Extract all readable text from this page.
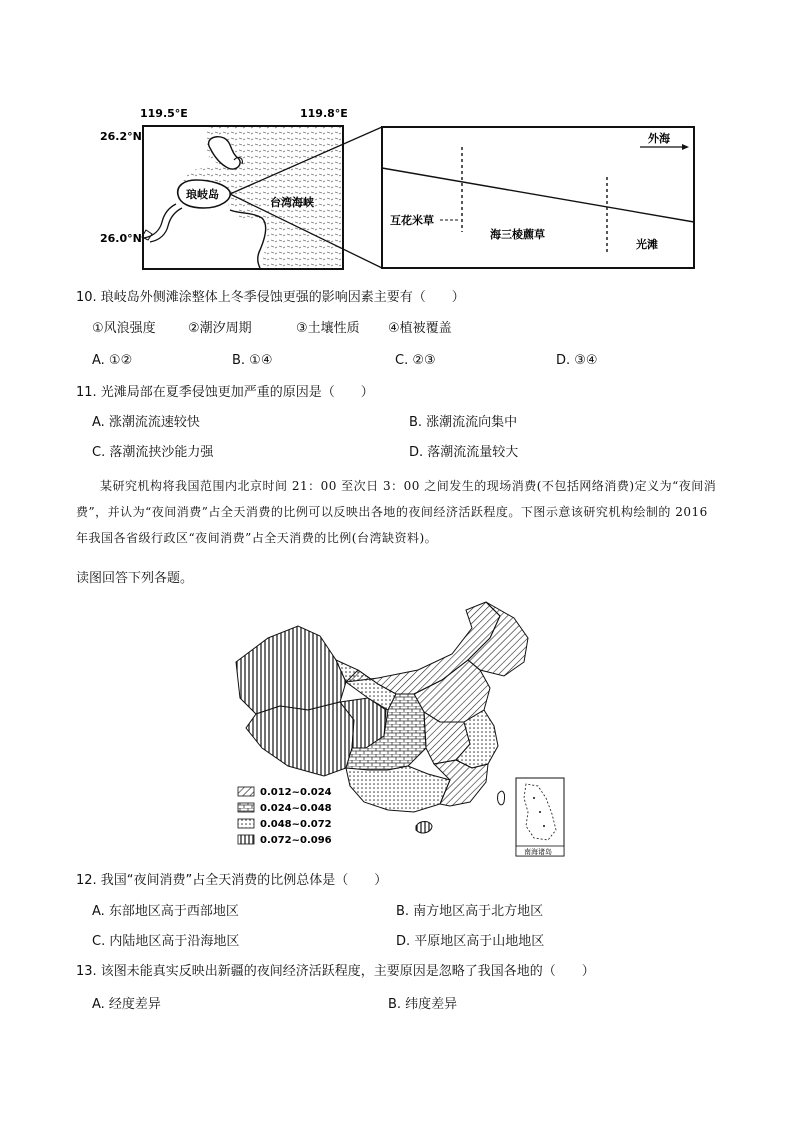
119.5°E	119.8°E
26.2°N
26.0°N
琅岐岛
台湾海峡
外海
互花米草
海三棱藨草
光滩
10. 琅岐岛外侧滩涂整体上冬季侵蚀更强的影响因素主要有（　　）
①风浪强度 ②潮汐周期	③土壤性质 ④植被覆盖
A. ①②	B. ①④	C. ②③	D. ③④
11. 光滩局部在夏季侵蚀更加严重的原因是（　　）
A. 涨潮流流速较快	B. 涨潮流流向集中
C. 落潮流挟沙能力强	D. 落潮流流量较大
某研究机构将我国范围内北京时间 21：00 至次日 3：00 之间发生的现场消费(不包括网络消费)定义为“夜间消费”，并认为“夜间消费”占全天消费的比例可以反映出各地的夜间经济活跃程度。下图示意该研究机构绘制的 2016 年我国各省级行政区“夜间消费”占全天消费的比例(台湾缺资料)。
读图回答下列各题。
0.012~0.024
0.024~0.048
0.048~0.072
0.072~0.096
南海诸岛
12. 我国“夜间消费”占全天消费的比例总体是（　　）
A. 东部地区高于西部地区	B. 南方地区高于北方地区
C. 内陆地区高于沿海地区	D. 平原地区高于山地地区
13. 该图未能真实反映出新疆的夜间经济活跃程度，主要原因是忽略了我国各地的（　　）
A. 经度差异	B. 纬度差异
